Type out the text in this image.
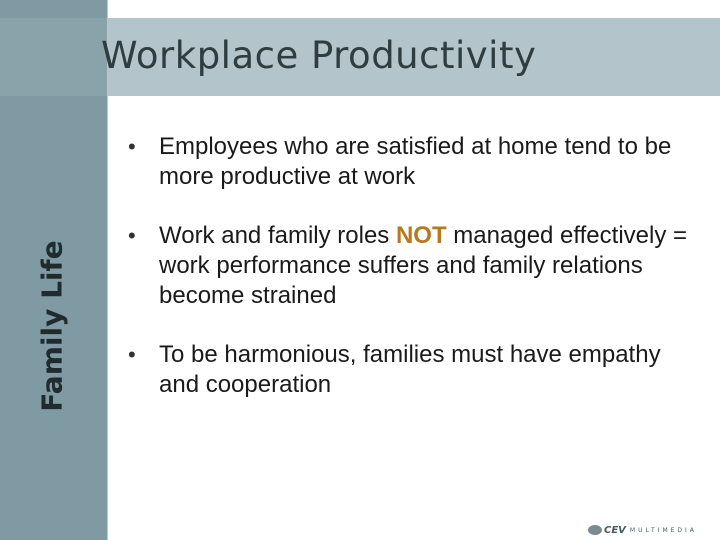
Workplace Productivity
Family Life
• Employees who are satisfied at home tend to be more productive at work
• Work and family roles NOT managed effectively = work performance suffers and family relations become strained
• To be harmonious, families must have empathy and cooperation
CEV MULTIMEDIA
